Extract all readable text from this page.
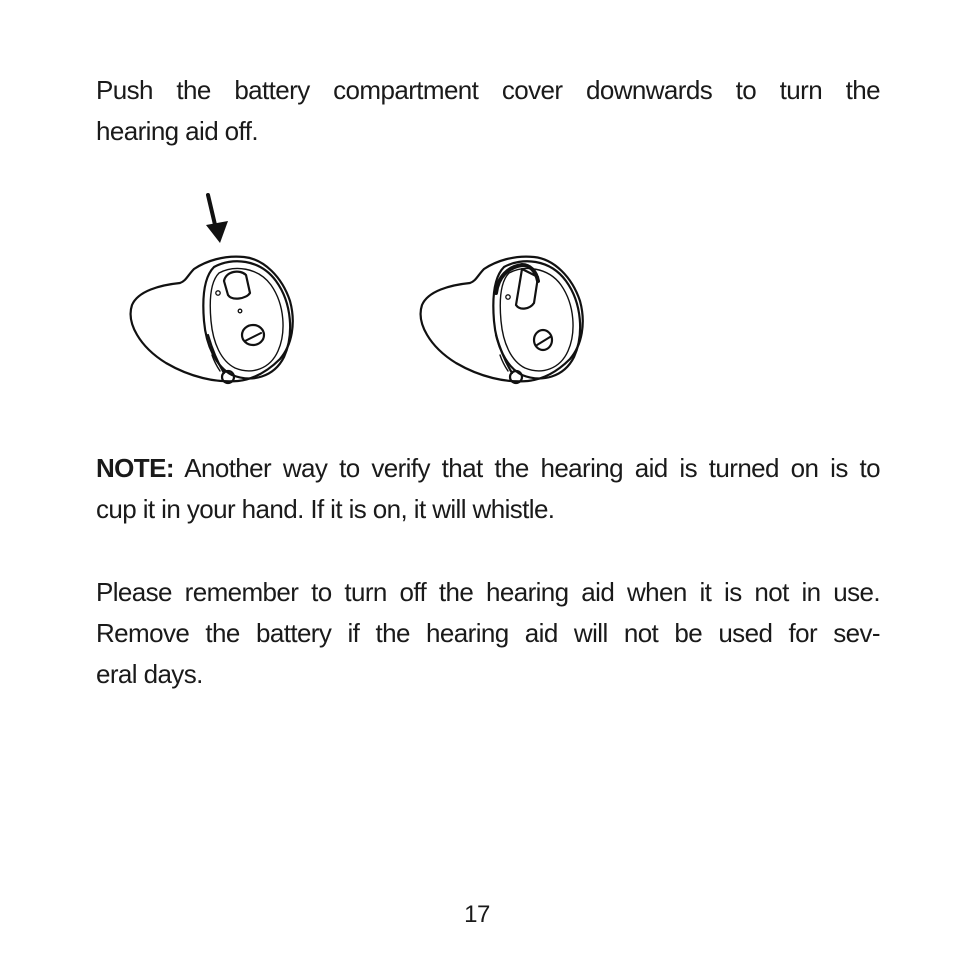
Push the battery compartment cover downwards to turn the
hearing aid off.

NOTE: Another way to verify that the hearing aid is turned on is to
cup it in your hand. If it is on, it will whistle.

Please remember to turn off the hearing aid when it is not in use.
Remove the battery if the hearing aid will not be used for sev-
eral days.

17
